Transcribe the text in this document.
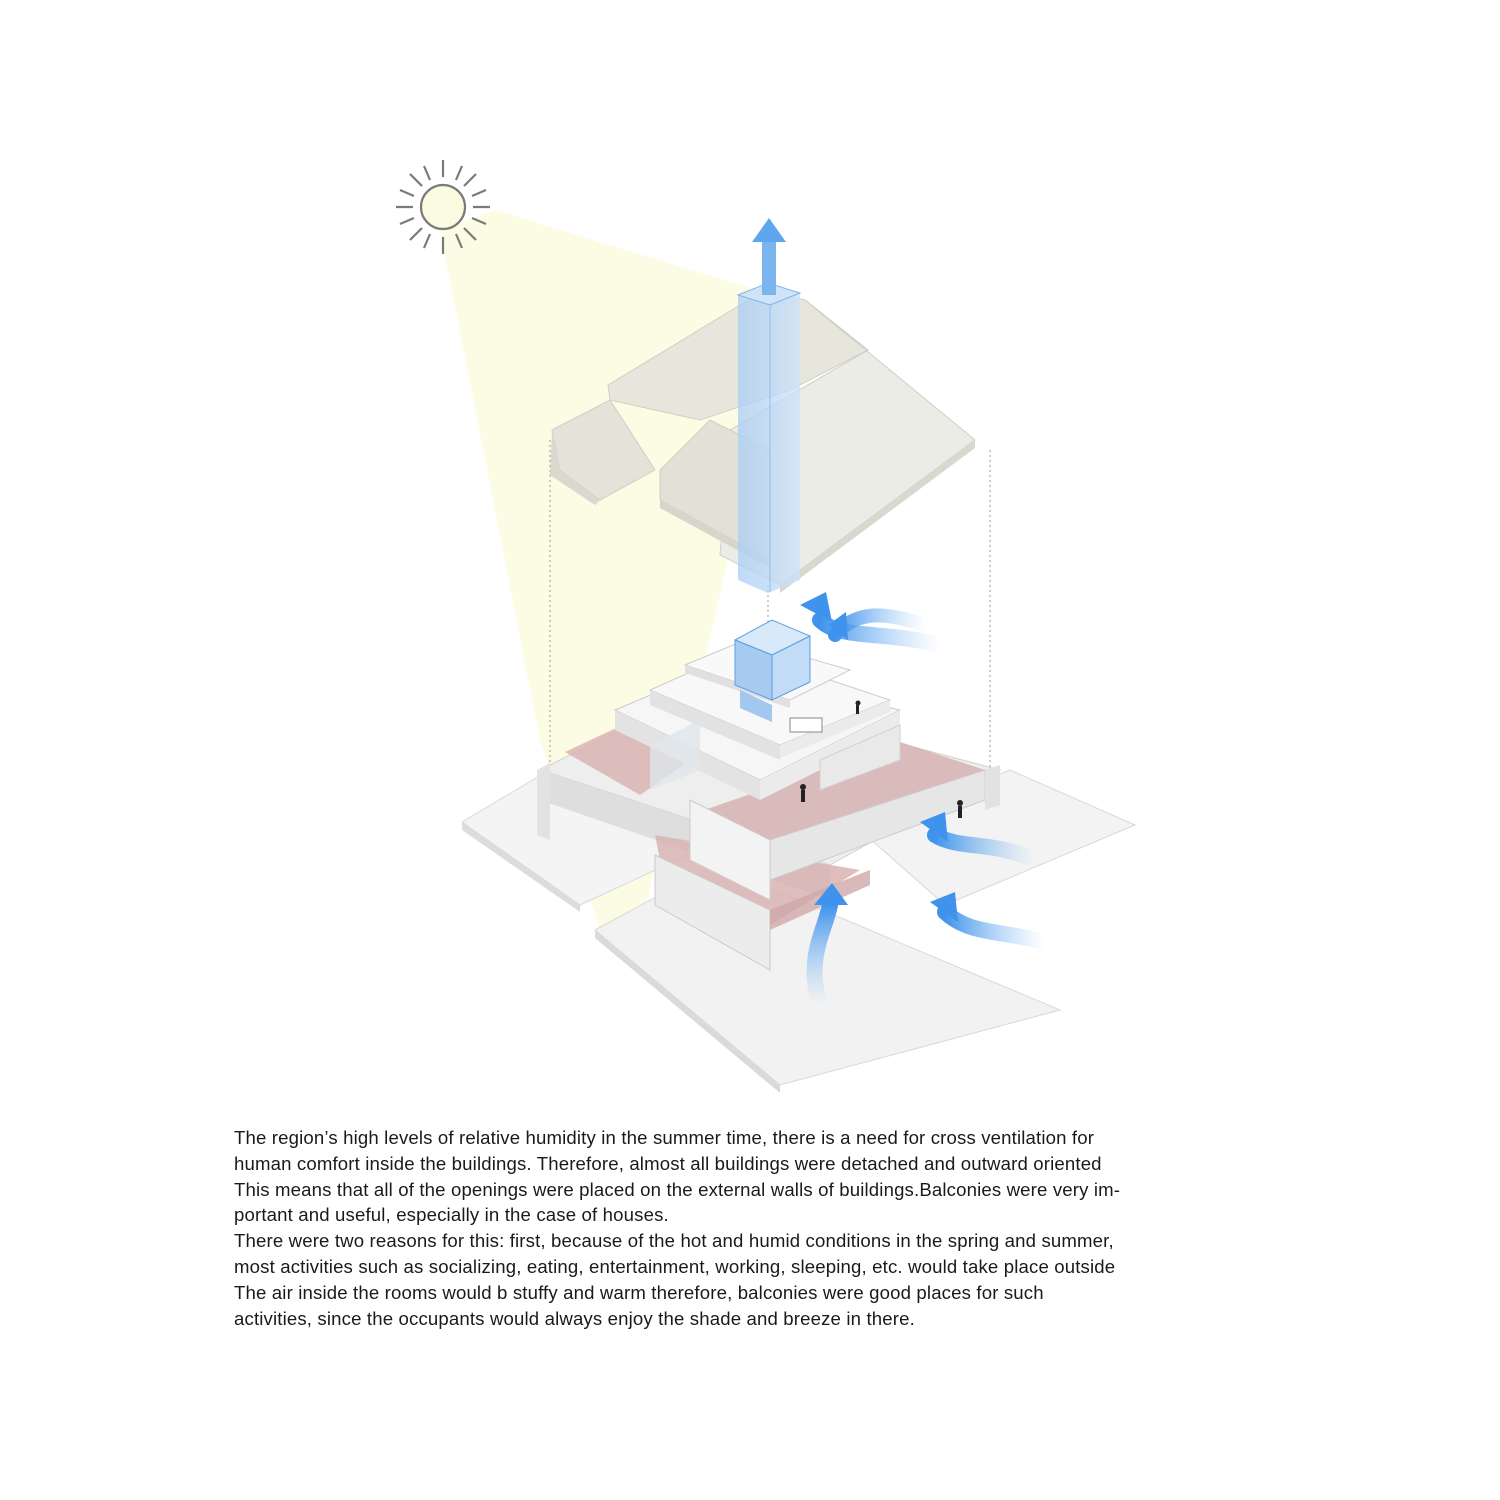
The region’s high levels of relative humidity in the summer time, there is a need for cross ventilation for
human comfort inside the buildings. Therefore, almost all buildings were detached and outward oriented
This means that all of the openings were placed on the external walls of buildings.Balconies were very im-
portant and useful, especially in the case of houses.
There were two reasons for this: first, because of the hot and humid conditions in the spring and summer,
most activities such as socializing, eating, entertainment, working, sleeping, etc. would take place outside
The air inside the rooms would b stuffy and warm therefore, balconies were good places for such
activities, since the occupants would always enjoy the shade and breeze in there.
